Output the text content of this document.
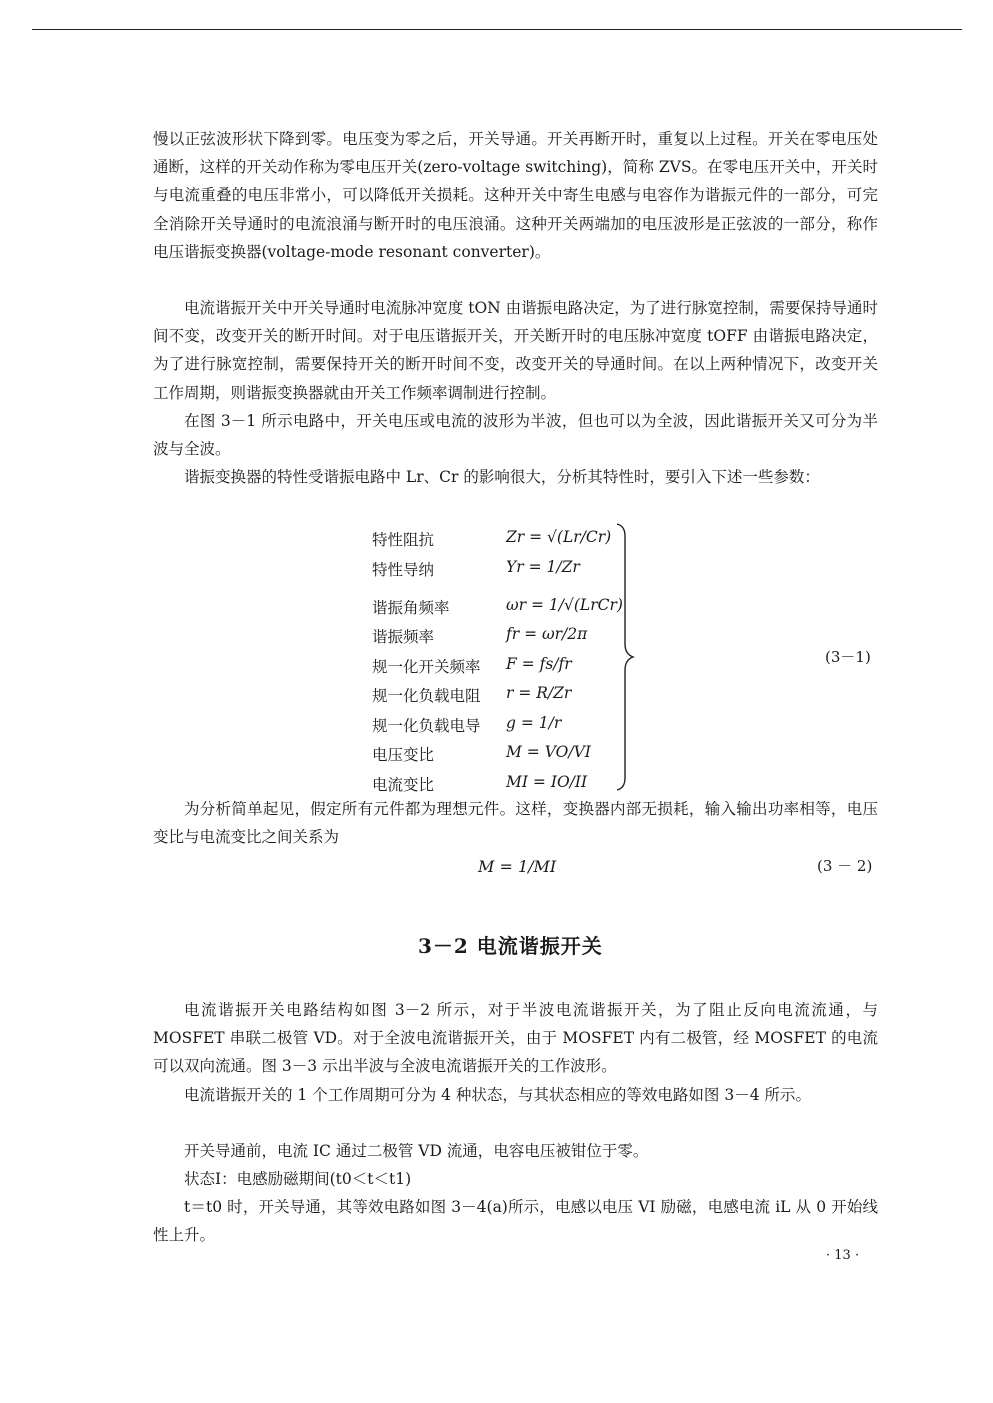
慢以正弦波形状下降到零。电压变为零之后，开关导通。开关再断开时，重复以上过程。开关在零电压处通断，这样的开关动作称为零电压开关(zero-voltage switching)，简称 ZVS。在零电压开关中，开关时与电流重叠的电压非常小，可以降低开关损耗。这种开关中寄生电感与电容作为谐振元件的一部分，可完全消除开关导通时的电流浪涌与断开时的电压浪涌。这种开关两端加的电压波形是正弦波的一部分，称作电压谐振变换器(voltage-mode resonant converter)。

电流谐振开关中开关导通时电流脉冲宽度 tON 由谐振电路决定，为了进行脉宽控制，需要保持导通时间不变，改变开关的断开时间。对于电压谐振开关，开关断开时的电压脉冲宽度 tOFF 由谐振电路决定，为了进行脉宽控制，需要保持开关的断开时间不变，改变开关的导通时间。在以上两种情况下，改变开关工作周期，则谐振变换器就由开关工作频率调制进行控制。

在图 3－1 所示电路中，开关电压或电流的波形为半波，但也可以为全波，因此谐振开关又可分为半波与全波。

谐振变换器的特性受谐振电路中 Lr、Cr 的影响很大，分析其特性时，要引入下述一些参数：

特性阻抗	Zr = √(Lr/Cr)
特性导纳	Yr = 1/Zr
谐振角频率	ωr = 1/√(LrCr)
谐振频率	fr = ωr/2π
规一化开关频率 F = fs/fr
规一化负载电阻 r = R/Zr
规一化负载电导 g = 1/r
电压变比	M = VO/VI
电流变比	MI = IO/II
(3－1)

为分析简单起见，假定所有元件都为理想元件。这样，变换器内部无损耗，输入输出功率相等，电压变比与电流变比之间关系为

M = 1/MI	(3 － 2)
3－2 电流谐振开关

电流谐振开关电路结构如图 3－2 所示，对于半波电流谐振开关，为了阻止反向电流流通，与 MOSFET 串联二极管 VD。对于全波电流谐振开关，由于 MOSFET 内有二极管，经 MOSFET 的电流可以双向流通。图 3－3 示出半波与全波电流谐振开关的工作波形。

电流谐振开关的 1 个工作周期可分为 4 种状态，与其状态相应的等效电路如图 3－4 所示。

开关导通前，电流 IC 通过二极管 VD 流通，电容电压被钳位于零。

状态Ⅰ：电感励磁期间(t0＜t＜t1)

t＝t0 时，开关导通，其等效电路如图 3－4(a)所示，电感以电压 VI 励磁，电感电流 iL 从 0 开始线性上升。

· 13 ·
